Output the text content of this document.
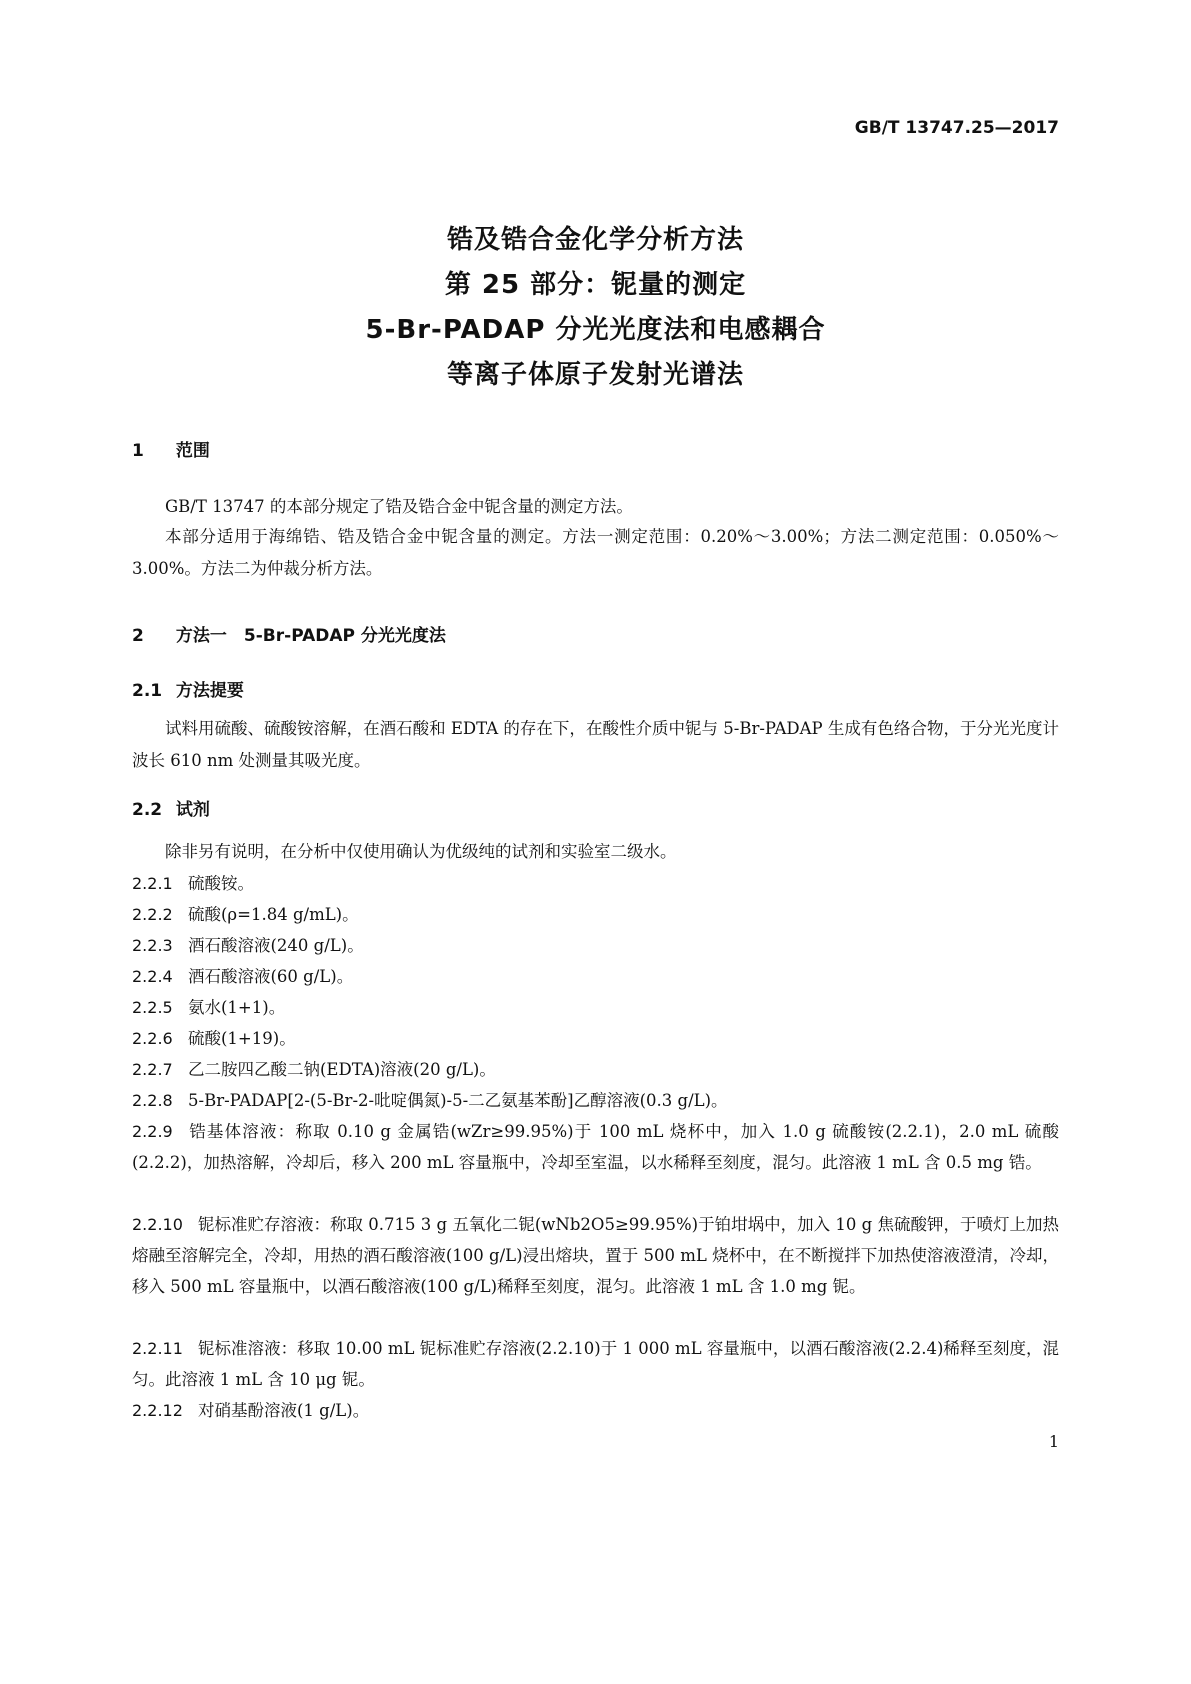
GB/T 13747.25—2017
锆及锆合金化学分析方法
第 25 部分：铌量的测定
5-Br-PADAP 分光光度法和电感耦合
等离子体原子发射光谱法
1 范围
GB/T 13747 的本部分规定了锆及锆合金中铌含量的测定方法。
本部分适用于海绵锆、锆及锆合金中铌含量的测定。方法一测定范围：0.20%～3.00%；方法二测定范围：0.050%～3.00%。方法二为仲裁分析方法。
2 方法一　5-Br-PADAP 分光光度法
2.1 方法提要
试料用硫酸、硫酸铵溶解，在酒石酸和 EDTA 的存在下，在酸性介质中铌与 5-Br-PADAP 生成有色络合物，于分光光度计波长 610 nm 处测量其吸光度。
2.2 试剂
除非另有说明，在分析中仅使用确认为优级纯的试剂和实验室二级水。
2.2.1 硫酸铵。
2.2.2 硫酸(ρ=1.84 g/mL)。
2.2.3 酒石酸溶液(240 g/L)。
2.2.4 酒石酸溶液(60 g/L)。
2.2.5 氨水(1+1)。
2.2.6 硫酸(1+19)。
2.2.7 乙二胺四乙酸二钠(EDTA)溶液(20 g/L)。
2.2.8 5-Br-PADAP[2-(5-Br-2-吡啶偶氮)-5-二乙氨基苯酚]乙醇溶液(0.3 g/L)。
2.2.9 锆基体溶液：称取 0.10 g 金属锆(wZr≥99.95%)于 100 mL 烧杯中，加入 1.0 g 硫酸铵(2.2.1)，2.0 mL 硫酸(2.2.2)，加热溶解，冷却后，移入 200 mL 容量瓶中，冷却至室温，以水稀释至刻度，混匀。此溶液 1 mL 含 0.5 mg 锆。
2.2.10 铌标准贮存溶液：称取 0.715 3 g 五氧化二铌(wNb2O5≥99.95%)于铂坩埚中，加入 10 g 焦硫酸钾，于喷灯上加热熔融至溶解完全，冷却，用热的酒石酸溶液(100 g/L)浸出熔块，置于 500 mL 烧杯中，在不断搅拌下加热使溶液澄清，冷却，移入 500 mL 容量瓶中，以酒石酸溶液(100 g/L)稀释至刻度，混匀。此溶液 1 mL 含 1.0 mg 铌。
2.2.11 铌标准溶液：移取 10.00 mL 铌标准贮存溶液(2.2.10)于 1 000 mL 容量瓶中，以酒石酸溶液(2.2.4)稀释至刻度，混匀。此溶液 1 mL 含 10 μg 铌。
2.2.12 对硝基酚溶液(1 g/L)。
1
